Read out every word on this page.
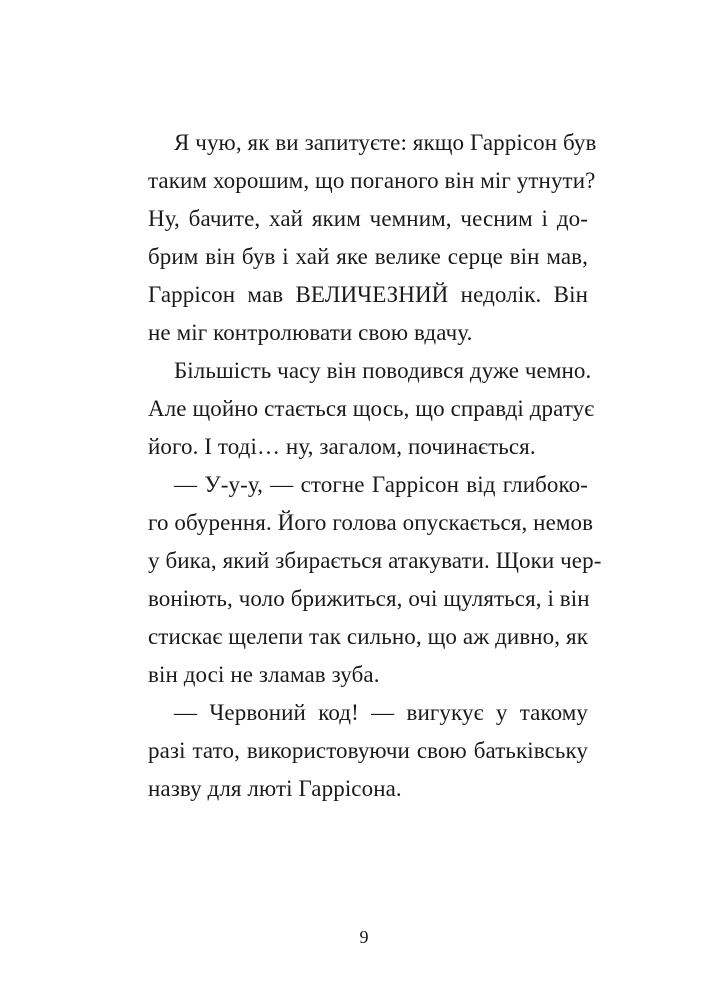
Я чую, як ви запитуєте: якщо Гаррісон був
таким хорошим, що поганого він міг утнути?
Ну, бачите, хай яким чемним, чесним і до-
брим він був і хай яке велике серце він мав,
Гаррісон мав ВЕЛИЧЕЗНИЙ недолік. Він
не міг контролювати свою вдачу.
Більшість часу він поводився дуже чемно.
Але щойно стається щось, що справді дратує
його. І тоді… ну, загалом, починається.
— У-у-у, — стогне Гаррісон від глибоко-
го обурення. Його голова опускається, немов
у бика, який збирається атакувати. Щоки чер-
воніють, чоло брижиться, очі щуляться, і він
стискає щелепи так сильно, що аж дивно, як
він досі не зламав зуба.
— Червоний код! — вигукує у такому
разі тато, використовуючи свою батьківську
назву для люті Гаррісона.
9
